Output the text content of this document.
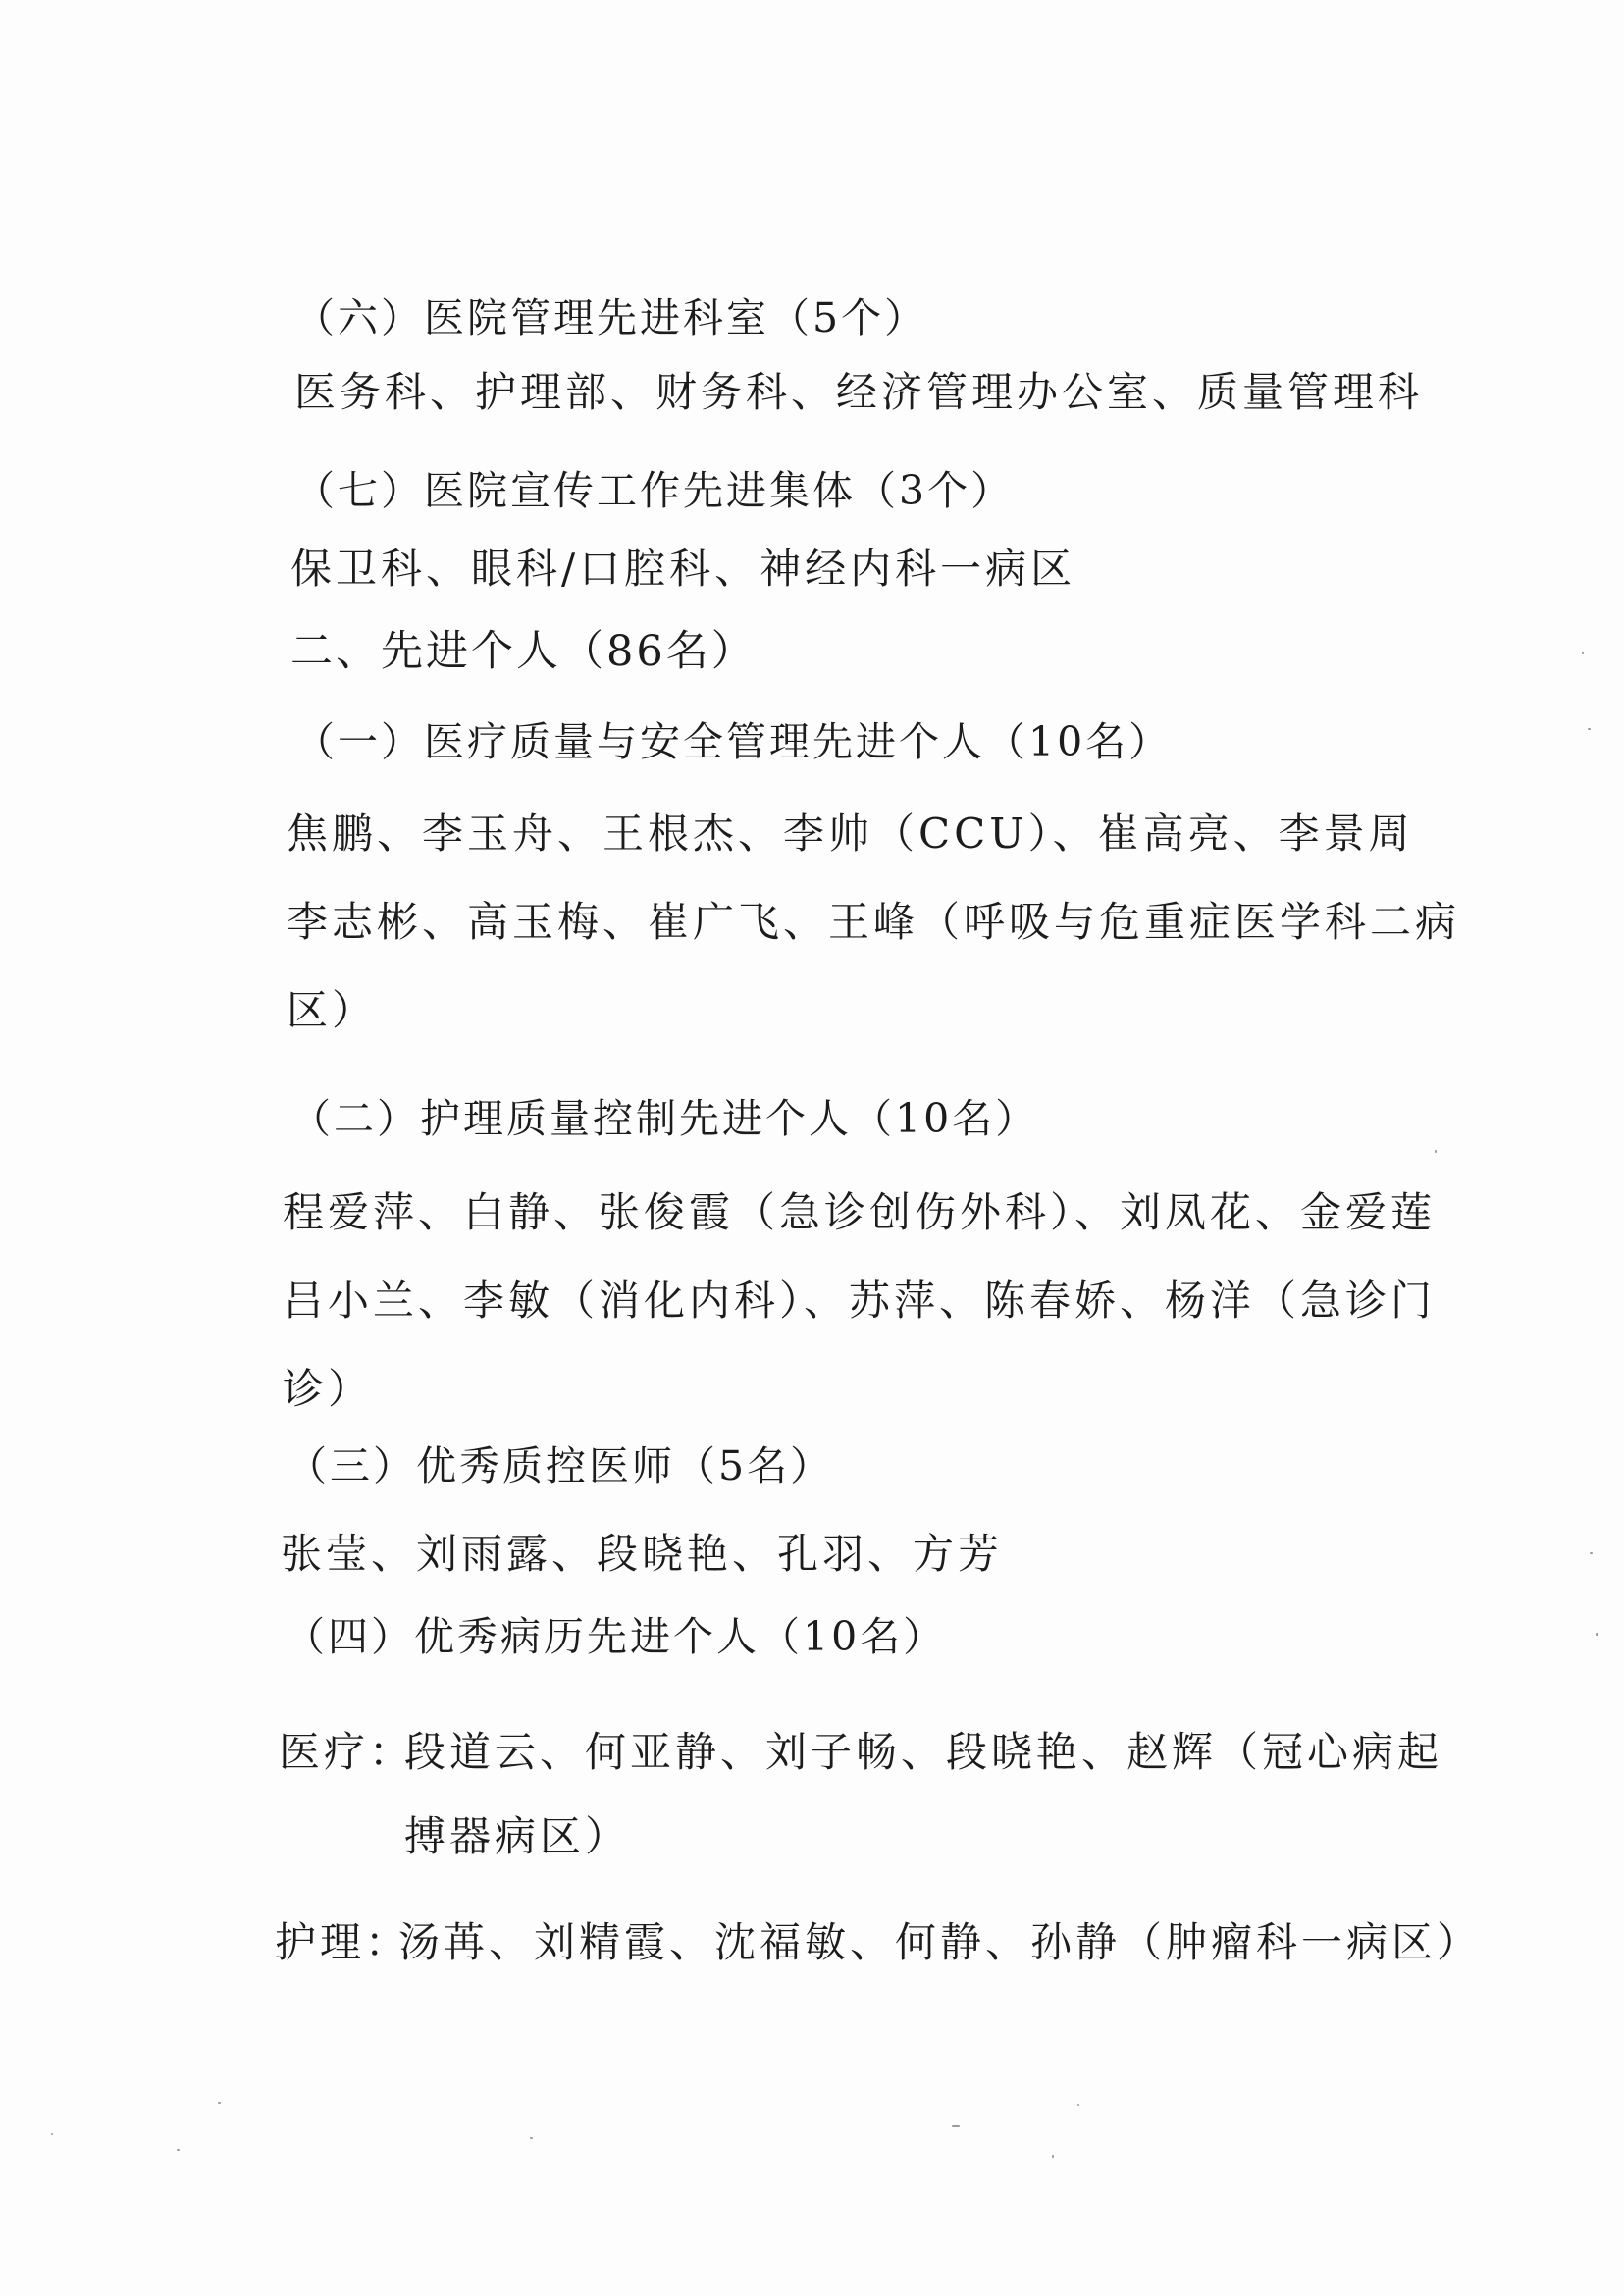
（六）医院管理先进科室（5个）
医务科、护理部、财务科、经济管理办公室、质量管理科
（七）医院宣传工作先进集体（3个）
保卫科、眼科/口腔科、神经内科一病区
二、先进个人（86名）
（一）医疗质量与安全管理先进个人（10名）
焦鹏、李玉舟、王根杰、李帅（CCU）、崔高亮、李景周
李志彬、高玉梅、崔广飞、王峰（呼吸与危重症医学科二病
区）
（二）护理质量控制先进个人（10名）
程爱萍、白静、张俊霞（急诊创伤外科）、刘凤花、金爱莲
吕小兰、李敏（消化内科）、苏萍、陈春娇、杨洋（急诊门
诊）
（三）优秀质控医师（5名）
张莹、刘雨露、段晓艳、孔羽、方芳
（四）优秀病历先进个人（10名）
医疗：
段道云、何亚静、刘子畅、段晓艳、赵辉（冠心病起
搏器病区）
护理：
汤苒、刘精霞、沈福敏、何静、孙静（肿瘤科一病区）
